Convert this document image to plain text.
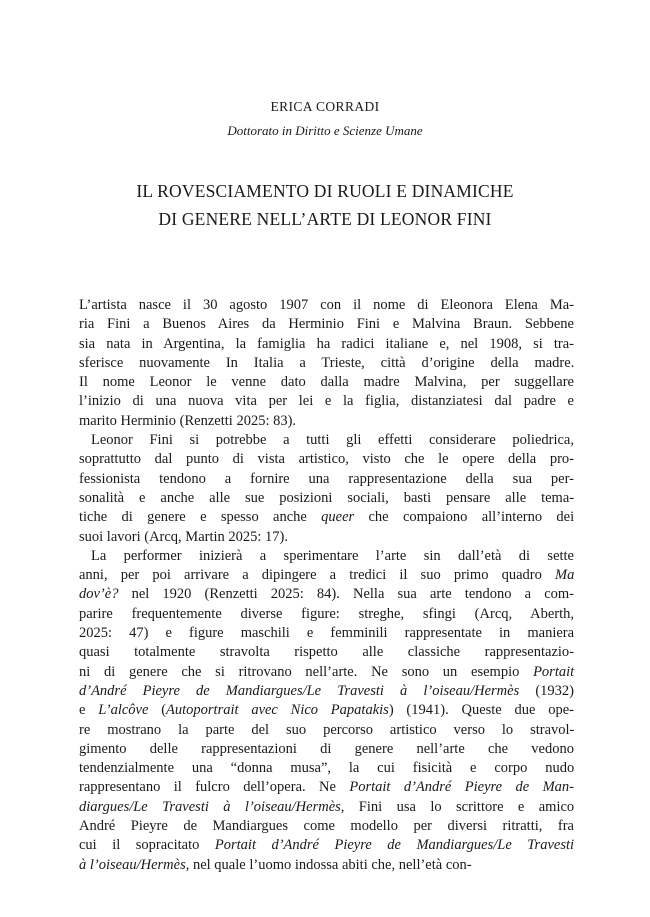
ERICA CORRADI
Dottorato in Diritto e Scienze Umane
IL ROVESCIAMENTO DI RUOLI E DINAMICHE
DI GENERE NELL’ARTE DI LEONOR FINI
L’artista nasce il 30 agosto 1907 con il nome di Eleonora Elena Ma-
ria Fini a Buenos Aires da Herminio Fini e Malvina Braun. Sebbene
sia nata in Argentina, la famiglia ha radici italiane e, nel 1908, si tra-
sferisce nuovamente In Italia a Trieste, città d’origine della madre.
Il nome Leonor le venne dato dalla madre Malvina, per suggellare
l’inizio di una nuova vita per lei e la figlia, distanziatesi dal padre e
marito Herminio (Renzetti 2025: 83).
Leonor Fini si potrebbe a tutti gli effetti considerare poliedrica,
soprattutto dal punto di vista artistico, visto che le opere della pro-
fessionista tendono a fornire una rappresentazione della sua per-
sonalità e anche alle sue posizioni sociali, basti pensare alle tema-
tiche di genere e spesso anche queer che compaiono all’interno dei
suoi lavori (Arcq, Martin 2025: 17).
La performer inizierà a sperimentare l’arte sin dall’età di sette
anni, per poi arrivare a dipingere a tredici il suo primo quadro Ma
dov’è? nel 1920 (Renzetti 2025: 84). Nella sua arte tendono a com-
parire frequentemente diverse figure: streghe, sfingi (Arcq, Aberth,
2025: 47) e figure maschili e femminili rappresentate in maniera
quasi totalmente stravolta rispetto alle classiche rappresentazio-
ni di genere che si ritrovano nell’arte. Ne sono un esempio Portait
d’André Pieyre de Mandiargues/Le Travesti à l’oiseau/Hermès (1932)
e L’alcôve (Autoportrait avec Nico Papatakis) (1941). Queste due ope-
re mostrano la parte del suo percorso artistico verso lo stravol-
gimento delle rappresentazioni di genere nell’arte che vedono
tendenzialmente una “donna musa”, la cui fisicità e corpo nudo
rappresentano il fulcro dell’opera. Ne Portait d’André Pieyre de Man-
diargues/Le Travesti à l’oiseau/Hermès, Fini usa lo scrittore e amico
André Pieyre de Mandiargues come modello per diversi ritratti, fra
cui il sopracitato Portait d’André Pieyre de Mandiargues/Le Travesti
à l’oiseau/Hermès, nel quale l’uomo indossa abiti che, nell’età con-
